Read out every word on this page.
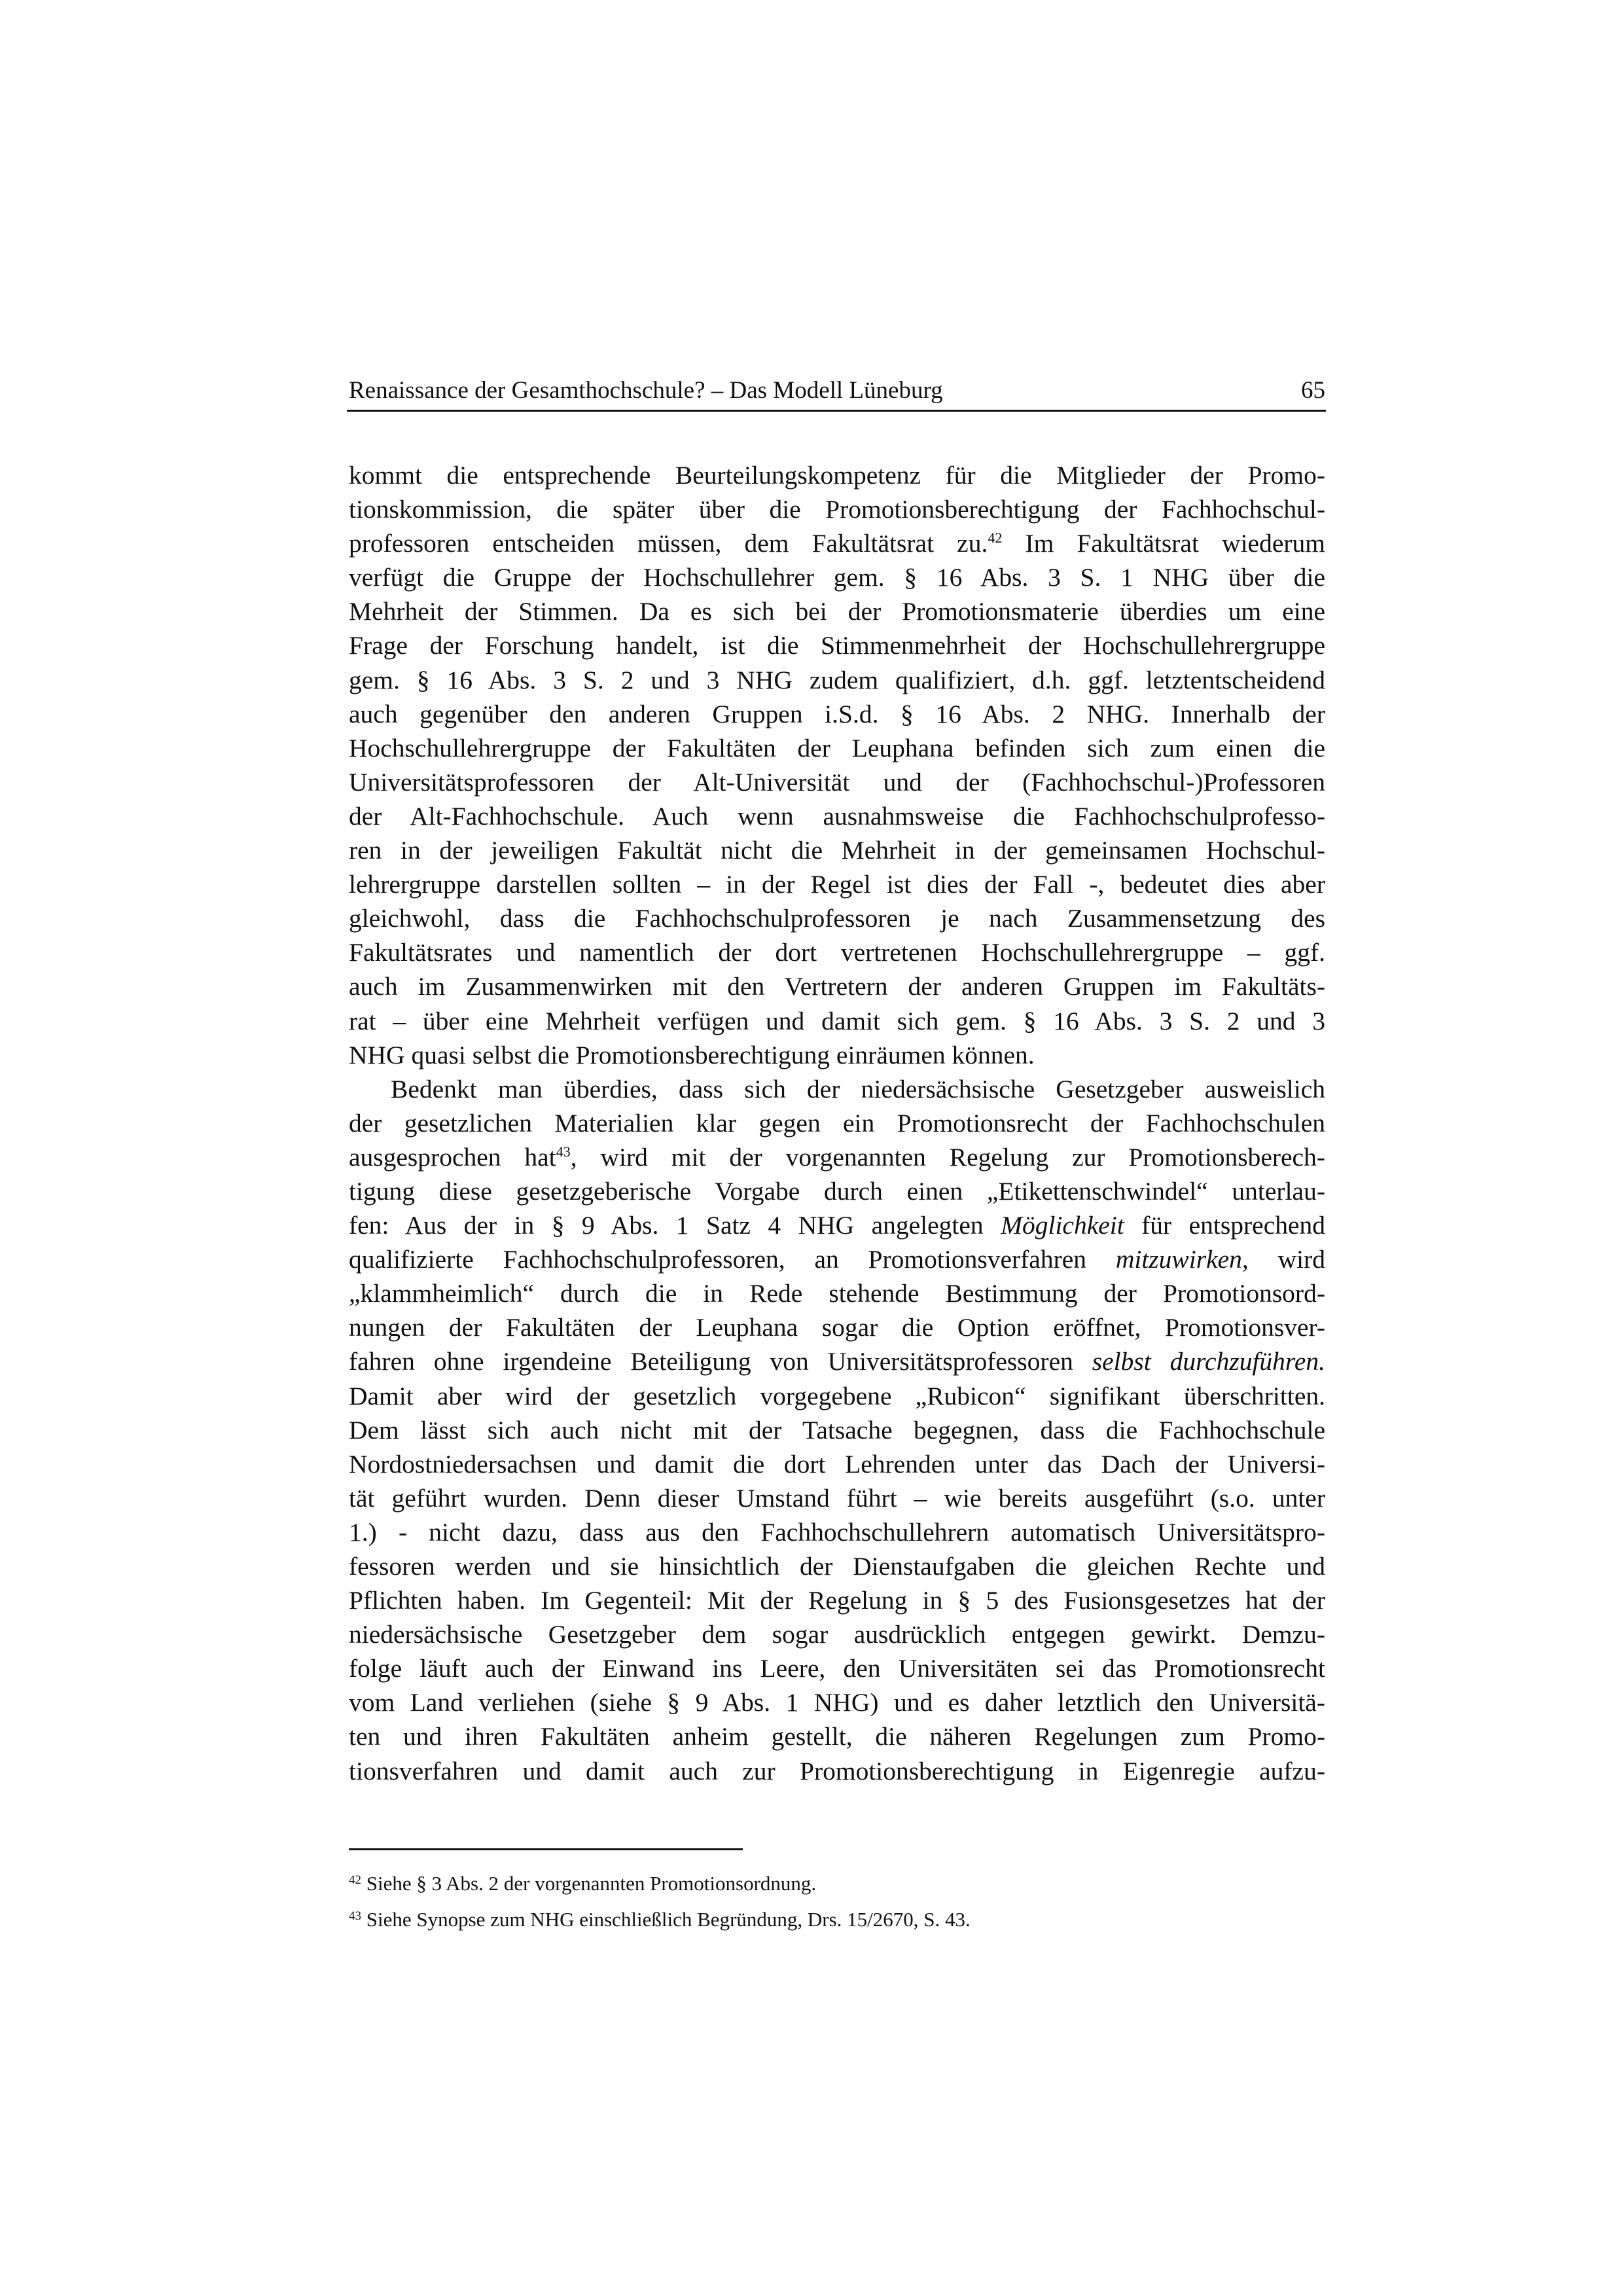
Renaissance der Gesamthochschule? – Das Modell Lüneburg	65
kommt die entsprechende Beurteilungskompetenz für die Mitglieder der Promo-
tionskommission, die später über die Promotionsberechtigung der Fachhochschul-
professoren entscheiden müssen, dem Fakultätsrat zu.$^{42}$ Im Fakultätsrat wiederum
verfügt die Gruppe der Hochschullehrer gem. § 16 Abs. 3 S. 1 NHG über die
Mehrheit der Stimmen. Da es sich bei der Promotionsmaterie überdies um eine
Frage der Forschung handelt, ist die Stimmenmehrheit der Hochschullehrergruppe
gem. § 16 Abs. 3 S. 2 und 3 NHG zudem qualifiziert, d.h. ggf. letztentscheidend
auch gegenüber den anderen Gruppen i.S.d. § 16 Abs. 2 NHG. Innerhalb der
Hochschullehrergruppe der Fakultäten der Leuphana befinden sich zum einen die
Universitätsprofessoren der Alt-Universität und der (Fachhochschul-)Professoren
der Alt-Fachhochschule. Auch wenn ausnahmsweise die Fachhochschulprofesso-
ren in der jeweiligen Fakultät nicht die Mehrheit in der gemeinsamen Hochschul-
lehrergruppe darstellen sollten – in der Regel ist dies der Fall -, bedeutet dies aber
gleichwohl, dass die Fachhochschulprofessoren je nach Zusammensetzung des
Fakultätsrates und namentlich der dort vertretenen Hochschullehrergruppe – ggf.
auch im Zusammenwirken mit den Vertretern der anderen Gruppen im Fakultäts-
rat – über eine Mehrheit verfügen und damit sich gem. § 16 Abs. 3 S. 2 und 3
NHG quasi selbst die Promotionsberechtigung einräumen können.
Bedenkt man überdies, dass sich der niedersächsische Gesetzgeber ausweislich
der gesetzlichen Materialien klar gegen ein Promotionsrecht der Fachhochschulen
ausgesprochen hat$^{43}$, wird mit der vorgenannten Regelung zur Promotionsberech-
tigung diese gesetzgeberische Vorgabe durch einen „Etikettenschwindel“ unterlau-
fen: Aus der in § 9 Abs. 1 Satz 4 NHG angelegten Möglichkeit für entsprechend
qualifizierte Fachhochschulprofessoren, an Promotionsverfahren mitzuwirken, wird
„klammheimlich“ durch die in Rede stehende Bestimmung der Promotionsord-
nungen der Fakultäten der Leuphana sogar die Option eröffnet, Promotionsver-
fahren ohne irgendeine Beteiligung von Universitätsprofessoren selbst durchzuführen.
Damit aber wird der gesetzlich vorgegebene „Rubicon“ signifikant überschritten.
Dem lässt sich auch nicht mit der Tatsache begegnen, dass die Fachhochschule
Nordostniedersachsen und damit die dort Lehrenden unter das Dach der Universi-
tät geführt wurden. Denn dieser Umstand führt – wie bereits ausgeführt (s.o. unter
1.) - nicht dazu, dass aus den Fachhochschullehrern automatisch Universitätspro-
fessoren werden und sie hinsichtlich der Dienstaufgaben die gleichen Rechte und
Pflichten haben. Im Gegenteil: Mit der Regelung in § 5 des Fusionsgesetzes hat der
niedersächsische Gesetzgeber dem sogar ausdrücklich entgegen gewirkt. Demzu-
folge läuft auch der Einwand ins Leere, den Universitäten sei das Promotionsrecht
vom Land verliehen (siehe § 9 Abs. 1 NHG) und es daher letztlich den Universitä-
ten und ihren Fakultäten anheim gestellt, die näheren Regelungen zum Promo-
tionsverfahren und damit auch zur Promotionsberechtigung in Eigenregie aufzu-
$^{42}$ Siehe § 3 Abs. 2 der vorgenannten Promotionsordnung.
$^{43}$ Siehe Synopse zum NHG einschließlich Begründung, Drs. 15/2670, S. 43.
